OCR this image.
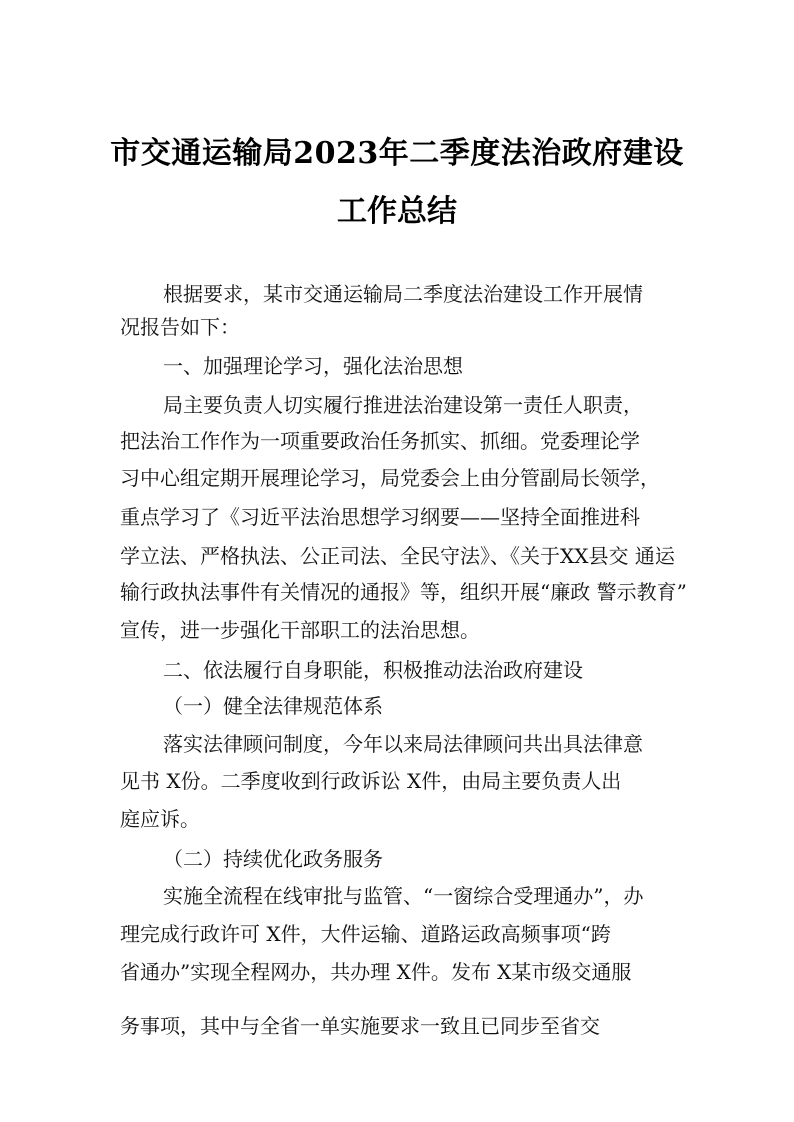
市交通运输局2023年二季度法治政府建设
工作总结
根据要求，某市交通运输局二季度法治建设工作开展情
况报告如下：
一、加强理论学习，强化法治思想
局主要负责人切实履行推进法治建设第一责任人职责，
把法治工作作为一项重要政治任务抓实、抓细。党委理论学
习中心组定期开展理论学习，局党委会上由分管副局长领学，
重点学习了《习近平法治思想学习纲要——坚持全面推进科
学立法、严格执法、公正司法、全民守法》、《关于XX县交 通运
输行政执法事件有关情况的通报》等，组织开展“廉政 警示教育”
宣传，进一步强化干部职工的法治思想。
二、依法履行自身职能，积极推动法治政府建设
（一）健全法律规范体系
落实法律顾问制度，今年以来局法律顾问共出具法律意
见书 X份。二季度收到行政诉讼 X件，由局主要负责人出
庭应诉。
（二）持续优化政务服务
实施全流程在线审批与监管、“一窗综合受理通办”，办
理完成行政许可 X件，大件运输、道路运政高频事项“跨
省通办”实现全程网办，共办理 X件。发布 X某市级交通服
务事项，其中与全省一单实施要求一致且已同步至省交
